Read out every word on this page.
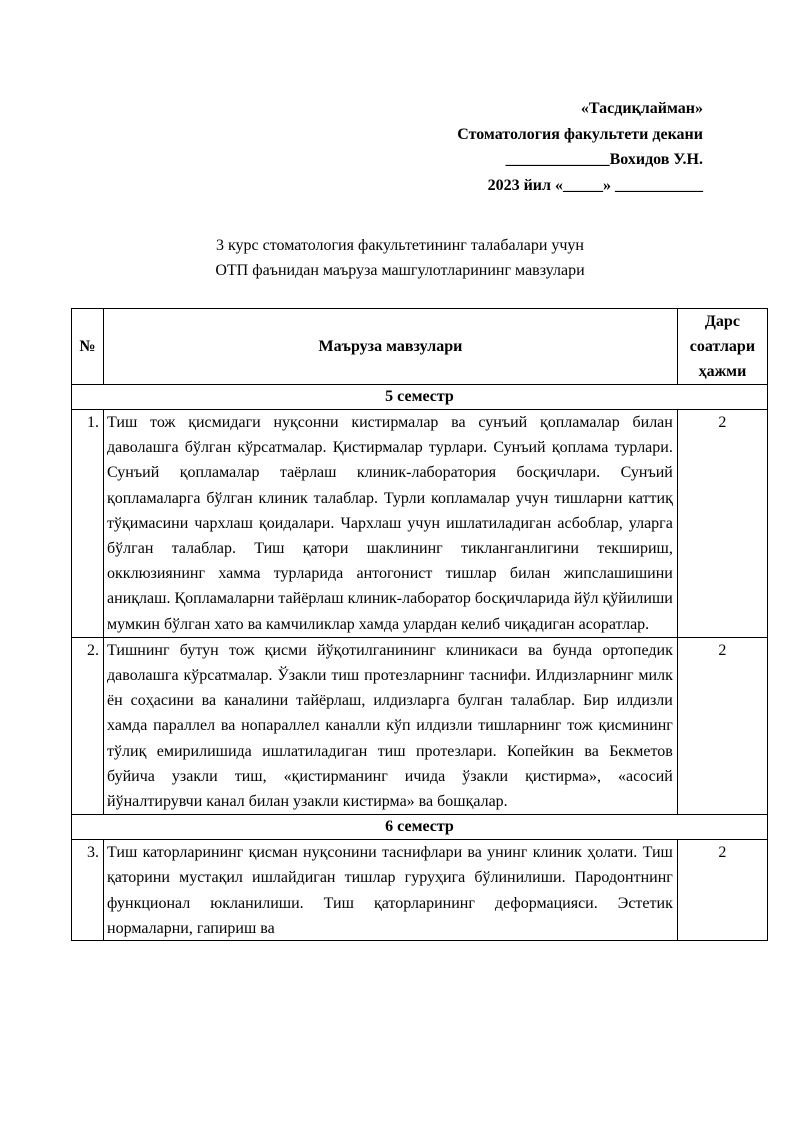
«Тасдиқлайман»
Стоматология факультети декани
_____________Вохидов У.Н.
2023 йил «_____» ___________
3 курс стоматология факультетининг талабалари учун
ОТП фаънидан маъруза машгулотларининг мавзулари
№	Маъруза мавзулари	Дарс соатлари ҳажми
5 семестр		
1.	Тиш тож қисмидаги нуқсонни кистирмалар ва сунъий қопламалар билан даволашга бўлган кўрсатмалар. Қистирмалар турлари. Сунъий қоплама турлари. Сунъий қопламалар таёрлаш клиник-лаборатория босқичлари. Сунъий қопламаларга бўлган клиник талаблар. Турли копламалар учун тишларни каттиқ тўқимасини чархлаш қоидалари. Чархлаш учун ишлатиладиган асбоблар, уларга бўлган талаблар. Тиш қатори шаклининг тикланганлигини текшириш, окклюзиянинг хамма турларида антогонист тишлар билан жипслашишини аниқлаш. Қопламаларни тайёрлаш клиник-лаборатор босқичларида йўл қўйилиши мумкин бўлган хато ва камчиликлар хамда улардан келиб чиқадиган асоратлар.	2
2.	Тишнинг бутун тож қисми йўқотилганининг клиникаси ва бунда ортопедик даволашга кўрсатмалар. Ўзакли тиш протезларнинг таснифи. Илдизларнинг милк ён соҳасини ва каналини тайёрлаш, илдизларга булган талаблар. Бир илдизли хамда параллел ва нопараллел каналли кўп илдизли тишларнинг тож қисмининг тўлиқ емирилишида ишлатиладиган тиш протезлари. Копейкин ва Бекметов буйича узакли тиш, «қистирманинг ичида ўзакли қистирма», «асосий йўналтирувчи канал билан узакли кистирма» ва бошқалар.	2
6 семестр		
3.	Тиш каторларининг қисман нуқсонини таснифлари ва унинг клиник ҳолати. Тиш қаторини мустақил ишлайдиган тишлар гуруҳига бўлинилиши. Пародонтнинг функционал юкланилиши. Тиш қаторларининг деформацияси. Эстетик нормаларни, гапириш ва	2
